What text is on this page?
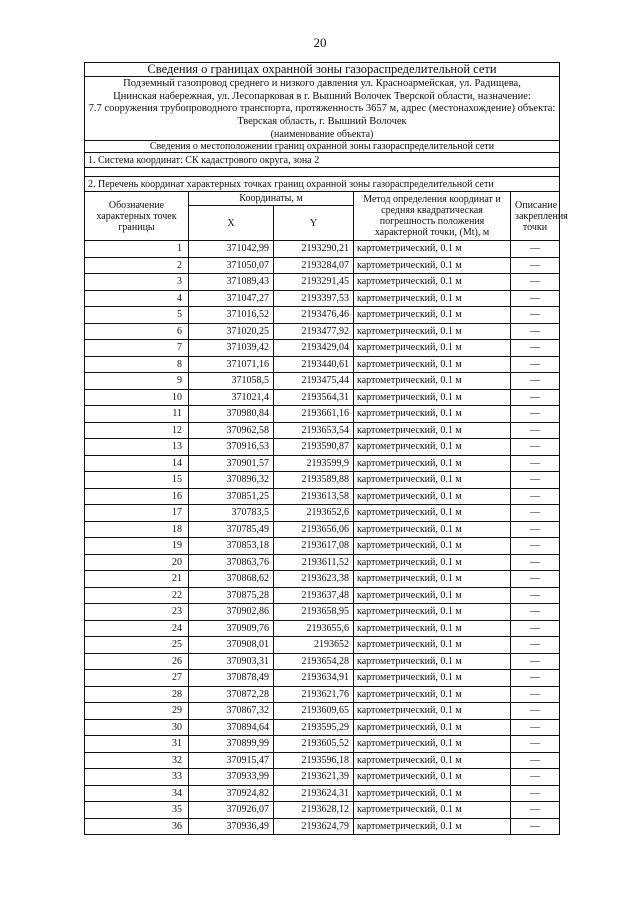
20
Сведения о границах охранной зоны газораспределительной сети				

Подземный газопровод среднего и низкого давления ул. Красноармейская, ул. Радищева,
Цнинская набережная, ул. Лесопарковая в г. Вышний Волочек Тверской области, назначение:
7.7 сооружения трубопроводного транспорта, протяженность 3657 м, адрес (местонахождение) объекта:
Тверская область, г. Вышний Волочек				

(наименование объекта)				
Сведения о местоположении границ охранной зоны газораспределительной сети				
1. Система координат: СК кадастрового округа, зона 2				

2. Перечень координат характерных точках границ охранной зоны газораспределительной сети				
Обозначение характерных точек границы	Координаты, м		Метод определения координат и средняя квадратическая погрешность положения характерной точки, (Mt), м	Описание закрепления точки
	X	Y		
1	371042,99	2193290,21	картометрический, 0.1 м	—
2	371050,07	2193284,07	картометрический, 0.1 м	—
3	371089,43	2193291,45	картометрический, 0.1 м	—
4	371047,27	2193397,53	картометрический, 0.1 м	—
5	371016,52	2193476,46	картометрический, 0.1 м	—
6	371020,25	2193477,92	картометрический, 0.1 м	—
7	371039,42	2193429,04	картометрический, 0.1 м	—
8	371071,16	2193440,61	картометрический, 0.1 м	—
9	371058,5	2193475,44	картометрический, 0.1 м	—
10	371021,4	2193564,31	картометрический, 0.1 м	—
11	370980,84	2193661,16	картометрический, 0.1 м	—
12	370962,58	2193653,54	картометрический, 0.1 м	—
13	370916,53	2193590,87	картометрический, 0.1 м	—
14	370901,57	2193599,9	картометрический, 0.1 м	—
15	370896,32	2193589,88	картометрический, 0.1 м	—
16	370851,25	2193613,58	картометрический, 0.1 м	—
17	370783,5	2193652,6	картометрический, 0.1 м	—
18	370785,49	2193656,06	картометрический, 0.1 м	—
19	370853,18	2193617,08	картометрический, 0.1 м	—
20	370863,76	2193611,52	картометрический, 0.1 м	—
21	370868,62	2193623,38	картометрический, 0.1 м	—
22	370875,28	2193637,48	картометрический, 0.1 м	—
23	370902,86	2193658,95	картометрический, 0.1 м	—
24	370909,76	2193655,6	картометрический, 0.1 м	—
25	370908,01	2193652	картометрический, 0.1 м	—
26	370903,31	2193654,28	картометрический, 0.1 м	—
27	370878,49	2193634,91	картометрический, 0.1 м	—
28	370872,28	2193621,76	картометрический, 0.1 м	—
29	370867,32	2193609,65	картометрический, 0.1 м	—
30	370894,64	2193595,29	картометрический, 0.1 м	—
31	370899,99	2193605,52	картометрический, 0.1 м	—
32	370915,47	2193596,18	картометрический, 0.1 м	—
33	370933,99	2193621,39	картометрический, 0.1 м	—
34	370924,82	2193624,31	картометрический, 0.1 м	—
35	370926,07	2193628,12	картометрический, 0.1 м	—
36	370936,49	2193624,79	картометрический, 0.1 м	—
